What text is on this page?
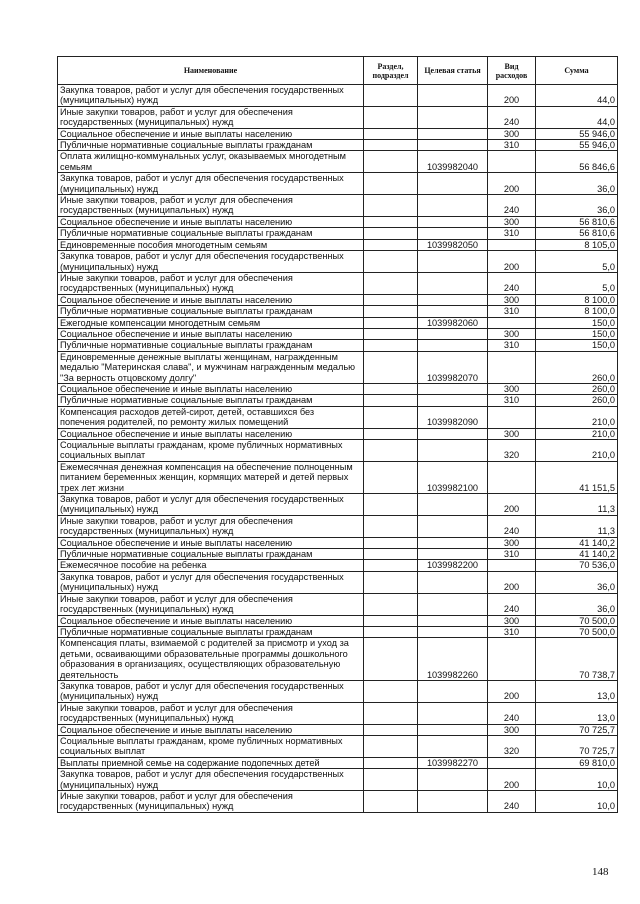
Наименование	Раздел, подраздел	Целевая статья	Вид расходов	Сумма
Закупка товаров, работ и услуг для обеспечения государственных (муниципальных) нужд			200	44,0
Иные закупки товаров, работ и услуг для обеспечения государственных (муниципальных) нужд			240	44,0
Социальное обеспечение и иные выплаты населению			300	55 946,0
Публичные нормативные социальные выплаты гражданам			310	55 946,0
Оплата жилищно-коммунальных услуг, оказываемых многодетным семьям		1039982040		56 846,6
Закупка товаров, работ и услуг для обеспечения государственных (муниципальных) нужд			200	36,0
Иные закупки товаров, работ и услуг для обеспечения государственных (муниципальных) нужд			240	36,0
Социальное обеспечение и иные выплаты населению			300	56 810,6
Публичные нормативные социальные выплаты гражданам			310	56 810,6
Единовременные пособия многодетным семьям		1039982050		8 105,0
Закупка товаров, работ и услуг для обеспечения государственных (муниципальных) нужд			200	5,0
Иные закупки товаров, работ и услуг для обеспечения государственных (муниципальных) нужд			240	5,0
Социальное обеспечение и иные выплаты населению			300	8 100,0
Публичные нормативные социальные выплаты гражданам			310	8 100,0
Ежегодные компенсации многодетным семьям		1039982060		150,0
Социальное обеспечение и иные выплаты населению			300	150,0
Публичные нормативные социальные выплаты гражданам			310	150,0
Единовременные денежные выплаты женщинам, награжденным медалью "Материнская слава", и мужчинам награжденным медалью "За верность отцовскому долгу"		1039982070		260,0
Социальное обеспечение и иные выплаты населению			300	260,0
Публичные нормативные социальные выплаты гражданам			310	260,0
Компенсация расходов детей-сирот, детей, оставшихся без попечения родителей, по ремонту жилых помещений		1039982090		210,0
Социальное обеспечение и иные выплаты населению			300	210,0
Социальные выплаты гражданам, кроме публичных нормативных социальных выплат			320	210,0
Ежемесячная денежная компенсация на обеспечение полноценным питанием беременных женщин, кормящих матерей и детей первых трех лет жизни		1039982100		41 151,5
Закупка товаров, работ и услуг для обеспечения государственных (муниципальных) нужд			200	11,3
Иные закупки товаров, работ и услуг для обеспечения государственных (муниципальных) нужд			240	11,3
Социальное обеспечение и иные выплаты населению			300	41 140,2
Публичные нормативные социальные выплаты гражданам			310	41 140,2
Ежемесячное пособие на ребенка		1039982200		70 536,0
Закупка товаров, работ и услуг для обеспечения государственных (муниципальных) нужд			200	36,0
Иные закупки товаров, работ и услуг для обеспечения государственных (муниципальных) нужд			240	36,0
Социальное обеспечение и иные выплаты населению			300	70 500,0
Публичные нормативные социальные выплаты гражданам			310	70 500,0
Компенсация платы, взимаемой с родителей за присмотр и уход за детьми, осваивающими образовательные программы дошкольного образования в организациях, осуществляющих образовательную деятельность		1039982260		70 738,7
Закупка товаров, работ и услуг для обеспечения государственных (муниципальных) нужд			200	13,0
Иные закупки товаров, работ и услуг для обеспечения государственных (муниципальных) нужд			240	13,0
Социальное обеспечение и иные выплаты населению			300	70 725,7
Социальные выплаты гражданам, кроме публичных нормативных социальных выплат			320	70 725,7
Выплаты приемной семье на содержание подопечных детей		1039982270		69 810,0
Закупка товаров, работ и услуг для обеспечения государственных (муниципальных) нужд			200	10,0
Иные закупки товаров, работ и услуг для обеспечения государственных (муниципальных) нужд			240	10,0
148
